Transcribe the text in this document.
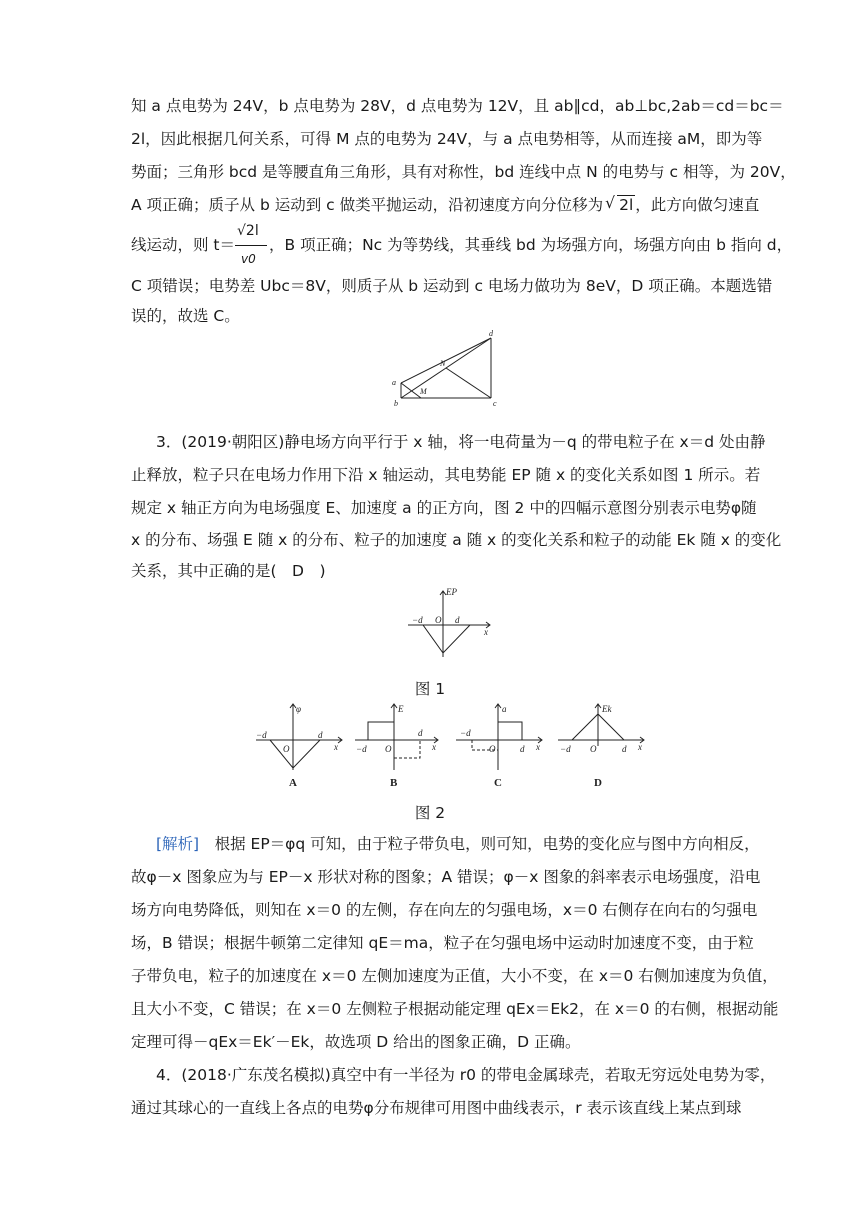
知 a 点电势为 24V，b 点电势为 28V，d 点电势为 12V，且 ab∥cd，ab⊥bc,2ab＝cd＝bc＝
2l，因此根据几何关系，可得 M 点的电势为 24V，与 a 点电势相等，从而连接 aM，即为等
势面；三角形 bcd 是等腰直角三角形，具有对称性，bd 连线中点 N 的电势与 c 相等，为 20V，
A 项正确；质子从 b 运动到 c 做类平抛运动，沿初速度方向分位移为 √ 2l ，此方向做匀速直
线运动，则 $t= \frac{√2l}{v0}$ ，B 项正确；Nc 为等势线，其垂线 bd 为场强方向，场强方向由 b 指向 d，
C 项错误；电势差 Ubc＝8V，则质子从 b 运动到 c 电场力做功为 8eV，D 项正确。本题选错
误的，故选 C。
a
b	c
d
M
N
3．(2019·朝阳区)静电场方向平行于 x 轴，将一电荷量为－q 的带电粒子在 x＝d 处由静
止释放，粒子只在电场力作用下沿 x 轴运动，其电势能 EP 随 x 的变化关系如图 1 所示。若
规定 x 轴正方向为电场强度 E、加速度 a 的正方向，图 2 中的四幅示意图分别表示电势φ随
x 的分布、场强 E 随 x 的分布、粒子的加速度 a 随 x 的变化关系和粒子的动能 Ek 随 x 的变化
关系，其中正确的是(　D　)
EP
x
−d O d
图 1
φ
−d
O
d
x
E
−d O
d
x
a
−d
O	d x
Ek
−d O	d x
A	B	C	D
图 2
[解析]　根据 EP＝φq 可知，由于粒子带负电，则可知，电势的变化应与图中方向相反，
故φ－x 图象应为与 EP－x 形状对称的图象；A 错误；φ－x 图象的斜率表示电场强度，沿电
场方向电势降低，则知在 x＝0 的左侧，存在向左的匀强电场，x＝0 右侧存在向右的匀强电
场，B 错误；根据牛顿第二定律知 qE＝ma，粒子在匀强电场中运动时加速度不变，由于粒
子带负电，粒子的加速度在 x＝0 左侧加速度为正值，大小不变，在 x＝0 右侧加速度为负值，
且大小不变，C 错误；在 x＝0 左侧粒子根据动能定理 qEx＝Ek2，在 x＝0 的右侧，根据动能
定理可得－qEx＝Ek′－Ek，故选项 D 给出的图象正确，D 正确。
4．(2018·广东茂名模拟)真空中有一半径为 r0 的带电金属球壳，若取无穷远处电势为零，
通过其球心的一直线上各点的电势φ分布规律可用图中曲线表示，r 表示该直线上某点到球
